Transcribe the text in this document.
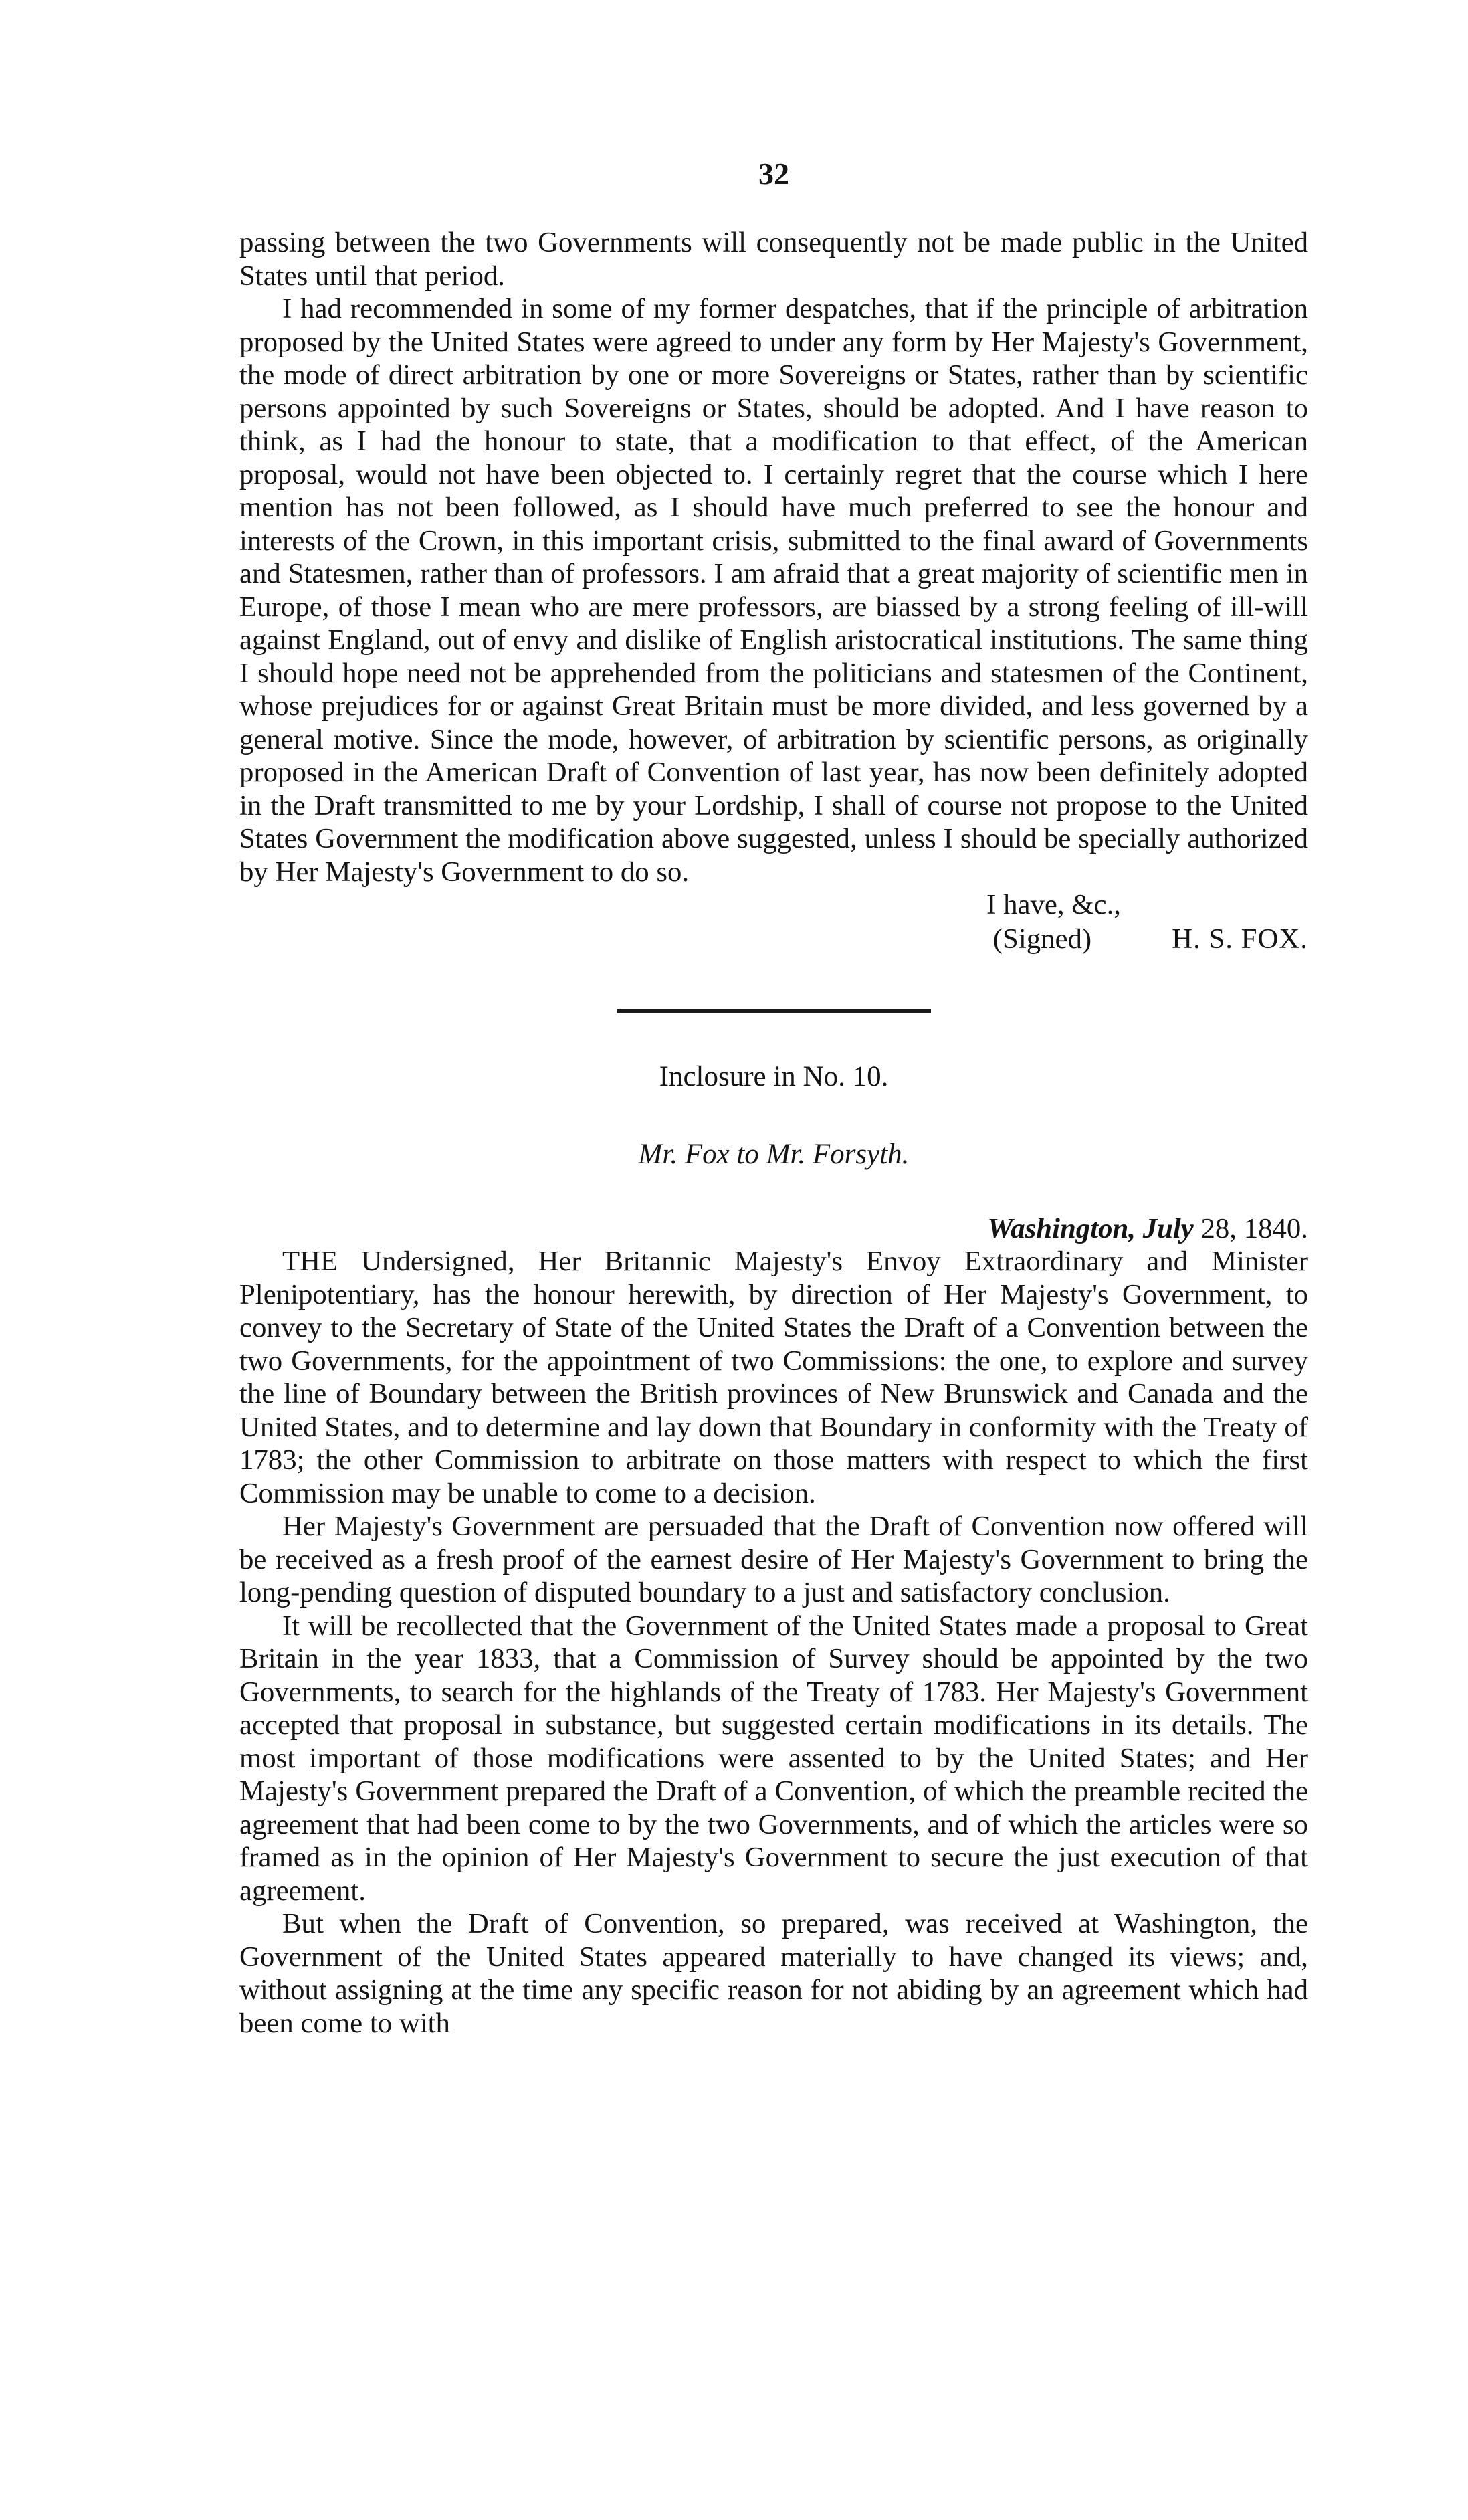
32

passing between the two Governments will consequently not be made public in the United States until that period.

I had recommended in some of my former despatches, that if the principle of arbitration proposed by the United States were agreed to under any form by Her Majesty's Government, the mode of direct arbitration by one or more Sovereigns or States, rather than by scientific persons appointed by such Sovereigns or States, should be adopted. And I have reason to think, as I had the honour to state, that a modification to that effect, of the American proposal, would not have been objected to. I certainly regret that the course which I here mention has not been followed, as I should have much preferred to see the honour and interests of the Crown, in this important crisis, submitted to the final award of Governments and Statesmen, rather than of professors. I am afraid that a great majority of scientific men in Europe, of those I mean who are mere professors, are biassed by a strong feeling of ill-will against England, out of envy and dislike of English aristocratical institutions. The same thing I should hope need not be apprehended from the politicians and statesmen of the Continent, whose prejudices for or against Great Britain must be more divided, and less governed by a general motive. Since the mode, however, of arbitration by scientific persons, as originally proposed in the American Draft of Convention of last year, has now been definitely adopted in the Draft transmitted to me by your Lordship, I shall of course not propose to the United States Government the modification above suggested, unless I should be specially authorized by Her Majesty's Government to do so.

I have, &c.,
(Signed)	H. S. FOX.
Inclosure in No. 10.
Mr. Fox to Mr. Forsyth.
Washington, July 28, 1840.

THE Undersigned, Her Britannic Majesty's Envoy Extraordinary and Minister Plenipotentiary, has the honour herewith, by direction of Her Majesty's Government, to convey to the Secretary of State of the United States the Draft of a Convention between the two Governments, for the appointment of two Commissions: the one, to explore and survey the line of Boundary between the British provinces of New Brunswick and Canada and the United States, and to determine and lay down that Boundary in conformity with the Treaty of 1783; the other Commission to arbitrate on those matters with respect to which the first Commission may be unable to come to a decision.

Her Majesty's Government are persuaded that the Draft of Convention now offered will be received as a fresh proof of the earnest desire of Her Majesty's Government to bring the long-pending question of disputed boundary to a just and satisfactory conclusion.

It will be recollected that the Government of the United States made a proposal to Great Britain in the year 1833, that a Commission of Survey should be appointed by the two Governments, to search for the highlands of the Treaty of 1783. Her Majesty's Government accepted that proposal in substance, but suggested certain modifications in its details. The most important of those modifications were assented to by the United States; and Her Majesty's Government prepared the Draft of a Convention, of which the preamble recited the agreement that had been come to by the two Governments, and of which the articles were so framed as in the opinion of Her Majesty's Government to secure the just execution of that agreement.

But when the Draft of Convention, so prepared, was received at Washington, the Government of the United States appeared materially to have changed its views; and, without assigning at the time any specific reason for not abiding by an agreement which had been come to with
